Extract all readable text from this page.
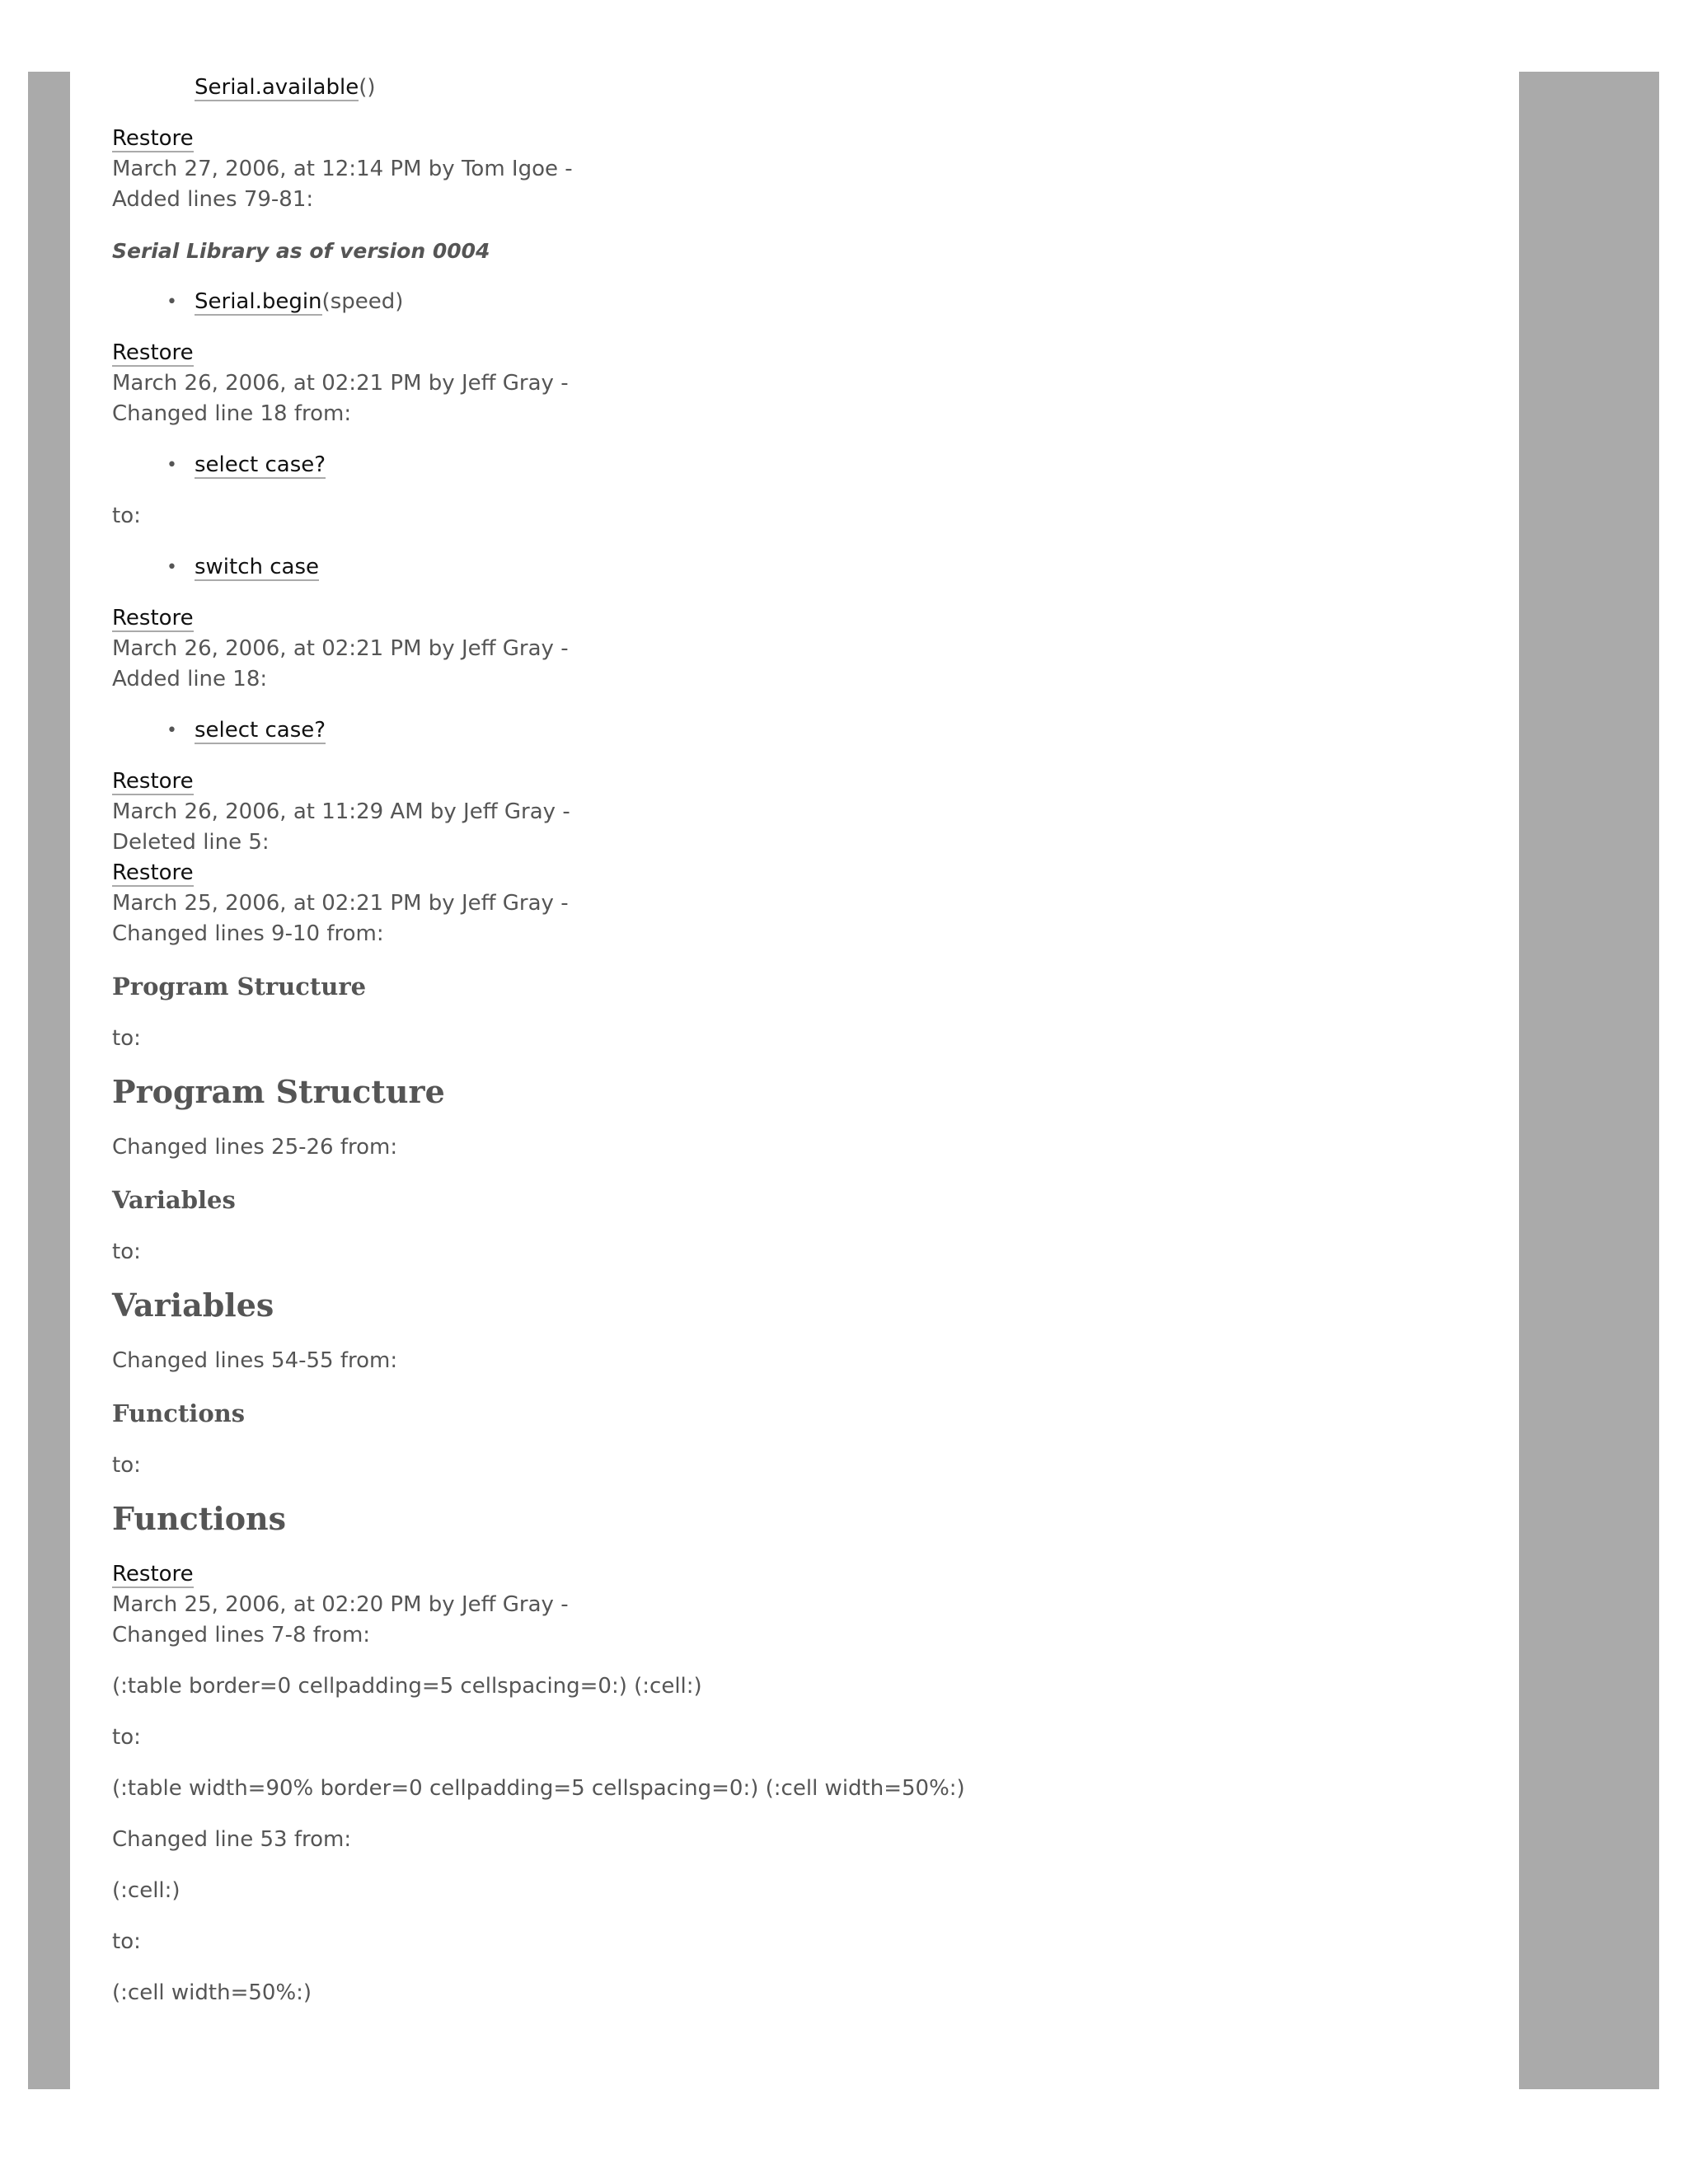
Serial.available()

Restore

March 27, 2006, at 12:14 PM by Tom Igoe -

Added lines 79-81:

Serial Library as of version 0004

• Serial.begin(speed)

Restore

March 26, 2006, at 02:21 PM by Jeff Gray -

Changed line 18 from:

• select case?

to:

• switch case

Restore

March 26, 2006, at 02:21 PM by Jeff Gray -

Added line 18:

• select case?

Restore

March 26, 2006, at 11:29 AM by Jeff Gray -

Deleted line 5:

Restore

March 25, 2006, at 02:21 PM by Jeff Gray -

Changed lines 9-10 from:

Program Structure

to:

Program Structure

Changed lines 25-26 from:

Variables

to:

Variables

Changed lines 54-55 from:

Functions

to:

Functions

Restore

March 25, 2006, at 02:20 PM by Jeff Gray -

Changed lines 7-8 from:

(:table border=0 cellpadding=5 cellspacing=0:) (:cell:)

to:

(:table width=90% border=0 cellpadding=5 cellspacing=0:) (:cell width=50%:)

Changed line 53 from:

(:cell:)

to:

(:cell width=50%:)
